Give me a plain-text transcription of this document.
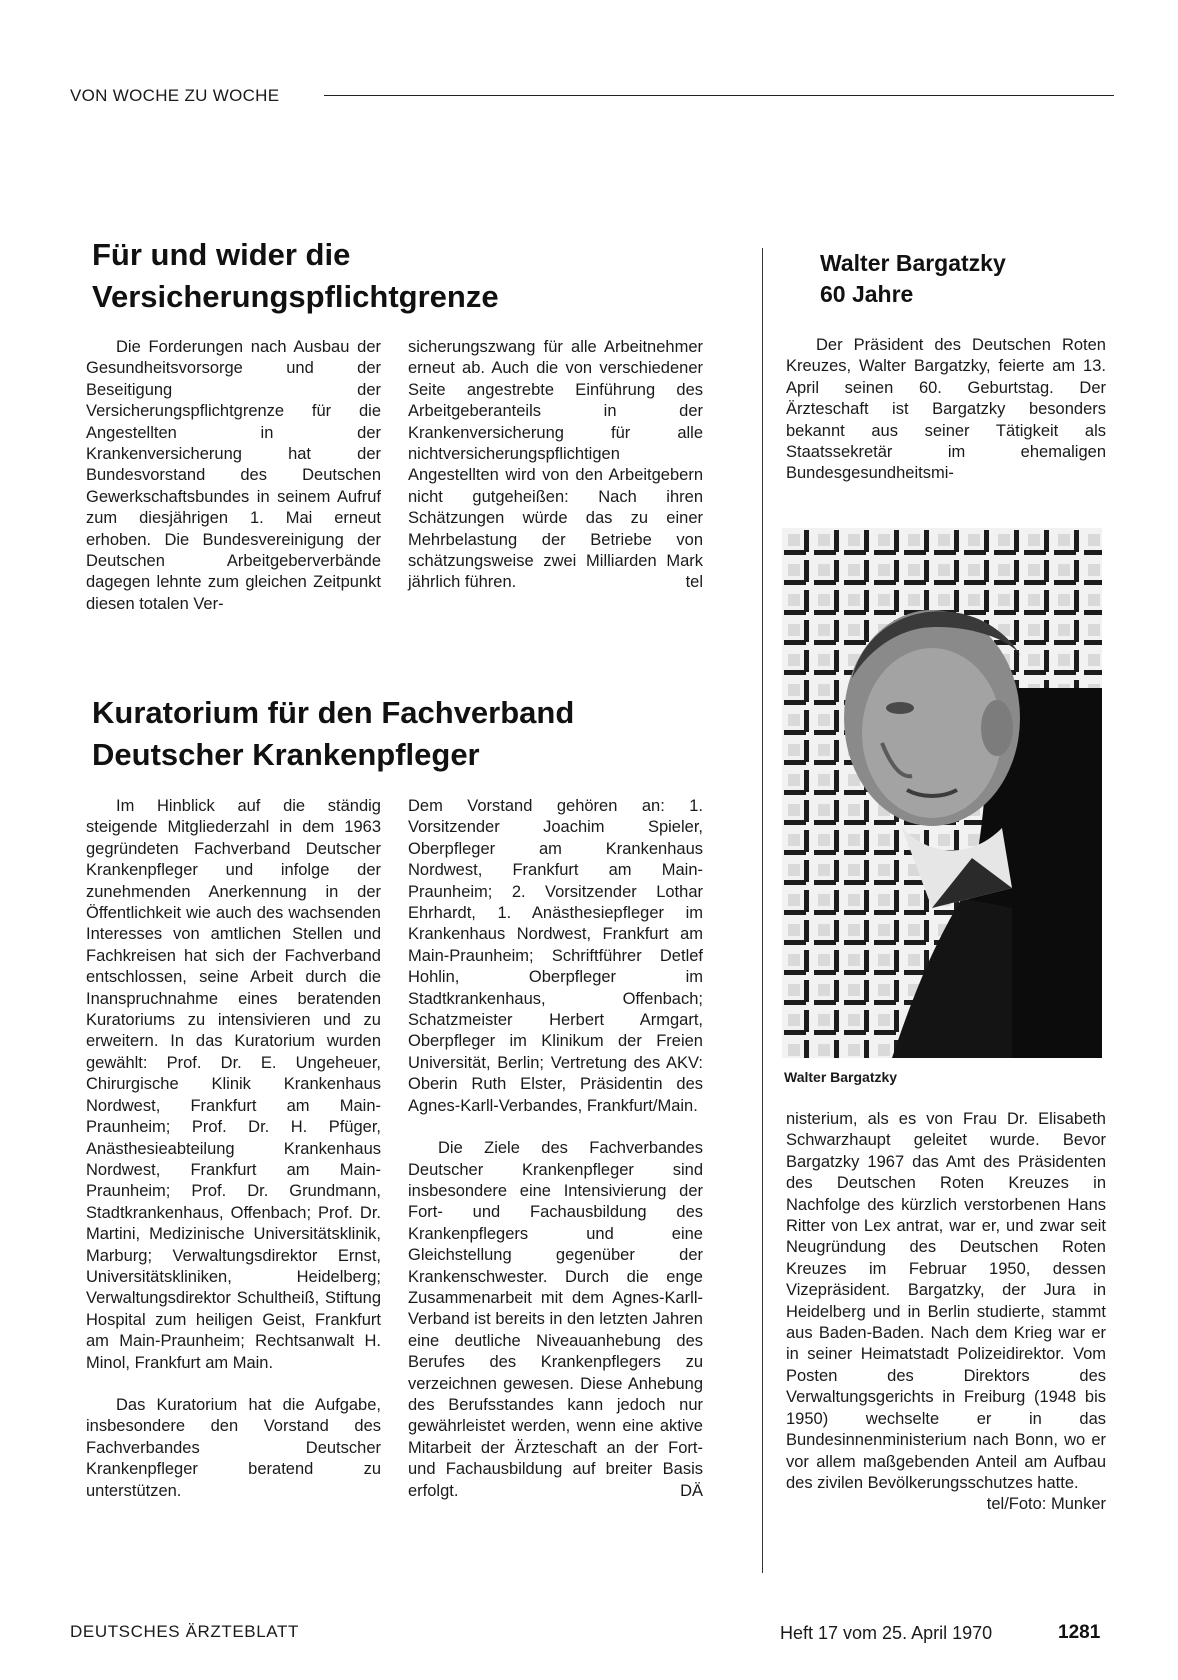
VON WOCHE ZU WOCHE
Für und wider die
Versicherungspflichtgrenze

Die Forderungen nach Ausbau der Gesundheitsvorsorge und der Beseitigung der Versicherungspflichtgrenze für die Angestellten in der Krankenversicherung hat der Bundesvorstand des Deutschen Gewerkschaftsbundes in seinem Aufruf zum diesjährigen 1. Mai erneut erhoben. Die Bundesvereinigung der Deutschen Arbeitgeberverbände dagegen lehnte zum gleichen Zeitpunkt diesen totalen Ver-

sicherungszwang für alle Arbeitnehmer erneut ab. Auch die von verschiedener Seite angestrebte Einführung des Arbeitgeberanteils in der Krankenversicherung für alle nichtversicherungspflichtigen Angestellten wird von den Arbeitgebern nicht gutgeheißen: Nach ihren Schätzungen würde das zu einer Mehrbelastung der Betriebe von schätzungsweise zwei Milliarden Mark jährlich führen.	tel

Kuratorium für den Fachverband
Deutscher Krankenpfleger

Im Hinblick auf die ständig steigende Mitgliederzahl in dem 1963 gegründeten Fachverband Deutscher Krankenpfleger und infolge der zunehmenden Anerkennung in der Öffentlichkeit wie auch des wachsenden Interesses von amtlichen Stellen und Fachkreisen hat sich der Fachverband entschlossen, seine Arbeit durch die Inanspruchnahme eines beratenden Kuratoriums zu intensivieren und zu erweitern. In das Kuratorium wurden gewählt: Prof. Dr. E. Ungeheuer, Chirurgische Klinik Krankenhaus Nordwest, Frankfurt am Main-Praunheim; Prof. Dr. H. Pfüger, Anästhesieabteilung Krankenhaus Nordwest, Frankfurt am Main-Praunheim; Prof. Dr. Grundmann, Stadtkrankenhaus, Offenbach; Prof. Dr. Martini, Medizinische Universitätsklinik, Marburg; Verwaltungsdirektor Ernst, Universitätskliniken, Heidelberg; Verwaltungsdirektor Schultheiß, Stiftung Hospital zum heiligen Geist, Frankfurt am Main-Praunheim; Rechtsanwalt H. Minol, Frankfurt am Main.

Das Kuratorium hat die Aufgabe, insbesondere den Vorstand des Fachverbandes Deutscher Krankenpfleger beratend zu unterstützen.

Dem Vorstand gehören an: 1. Vorsitzender Joachim Spieler, Oberpfleger am Krankenhaus Nordwest, Frankfurt am Main-Praunheim; 2. Vorsitzender Lothar Ehrhardt, 1. Anästhesiepfleger im Krankenhaus Nordwest, Frankfurt am Main-Praunheim; Schriftführer Detlef Hohlin, Oberpfleger im Stadtkrankenhaus, Offenbach; Schatzmeister Herbert Armgart, Oberpfleger im Klinikum der Freien Universität, Berlin; Vertretung des AKV: Oberin Ruth Elster, Präsidentin des Agnes-Karll-Verbandes, Frankfurt/Main.

Die Ziele des Fachverbandes Deutscher Krankenpfleger sind insbesondere eine Intensivierung der Fort- und Fachausbildung des Krankenpflegers und eine Gleichstellung gegenüber der Krankenschwester. Durch die enge Zusammenarbeit mit dem Agnes-Karll-Verband ist bereits in den letzten Jahren eine deutliche Niveauanhebung des Berufes des Krankenpflegers zu verzeichnen gewesen. Diese Anhebung des Berufsstandes kann jedoch nur gewährleistet werden, wenn eine aktive Mitarbeit der Ärzteschaft an der Fort- und Fachausbildung auf breiter Basis erfolgt.	DÄ

Walter Bargatzky
60 Jahre

Der Präsident des Deutschen Roten Kreuzes, Walter Bargatzky, feierte am 13. April seinen 60. Geburtstag. Der Ärzteschaft ist Bargatzky besonders bekannt aus seiner Tätigkeit als Staatssekretär im ehemaligen Bundesgesundheitsmi-

Walter Bargatzky

nisterium, als es von Frau Dr. Elisabeth Schwarzhaupt geleitet wurde. Bevor Bargatzky 1967 das Amt des Präsidenten des Deutschen Roten Kreuzes in Nachfolge des kürzlich verstorbenen Hans Ritter von Lex antrat, war er, und zwar seit Neugründung des Deutschen Roten Kreuzes im Februar 1950, dessen Vizepräsident. Bargatzky, der Jura in Heidelberg und in Berlin studierte, stammt aus Baden-Baden. Nach dem Krieg war er in seiner Heimatstadt Polizeidirektor. Vom Posten des Direktors des Verwaltungsgerichts in Freiburg (1948 bis 1950) wechselte er in das Bundesinnenministerium nach Bonn, wo er vor allem maßgebenden Anteil am Aufbau des zivilen Bevölkerungsschutzes hatte.
tel/Foto: Munker

DEUTSCHES ÄRZTEBLATT	Heft 17 vom 25. April 1970	1281
